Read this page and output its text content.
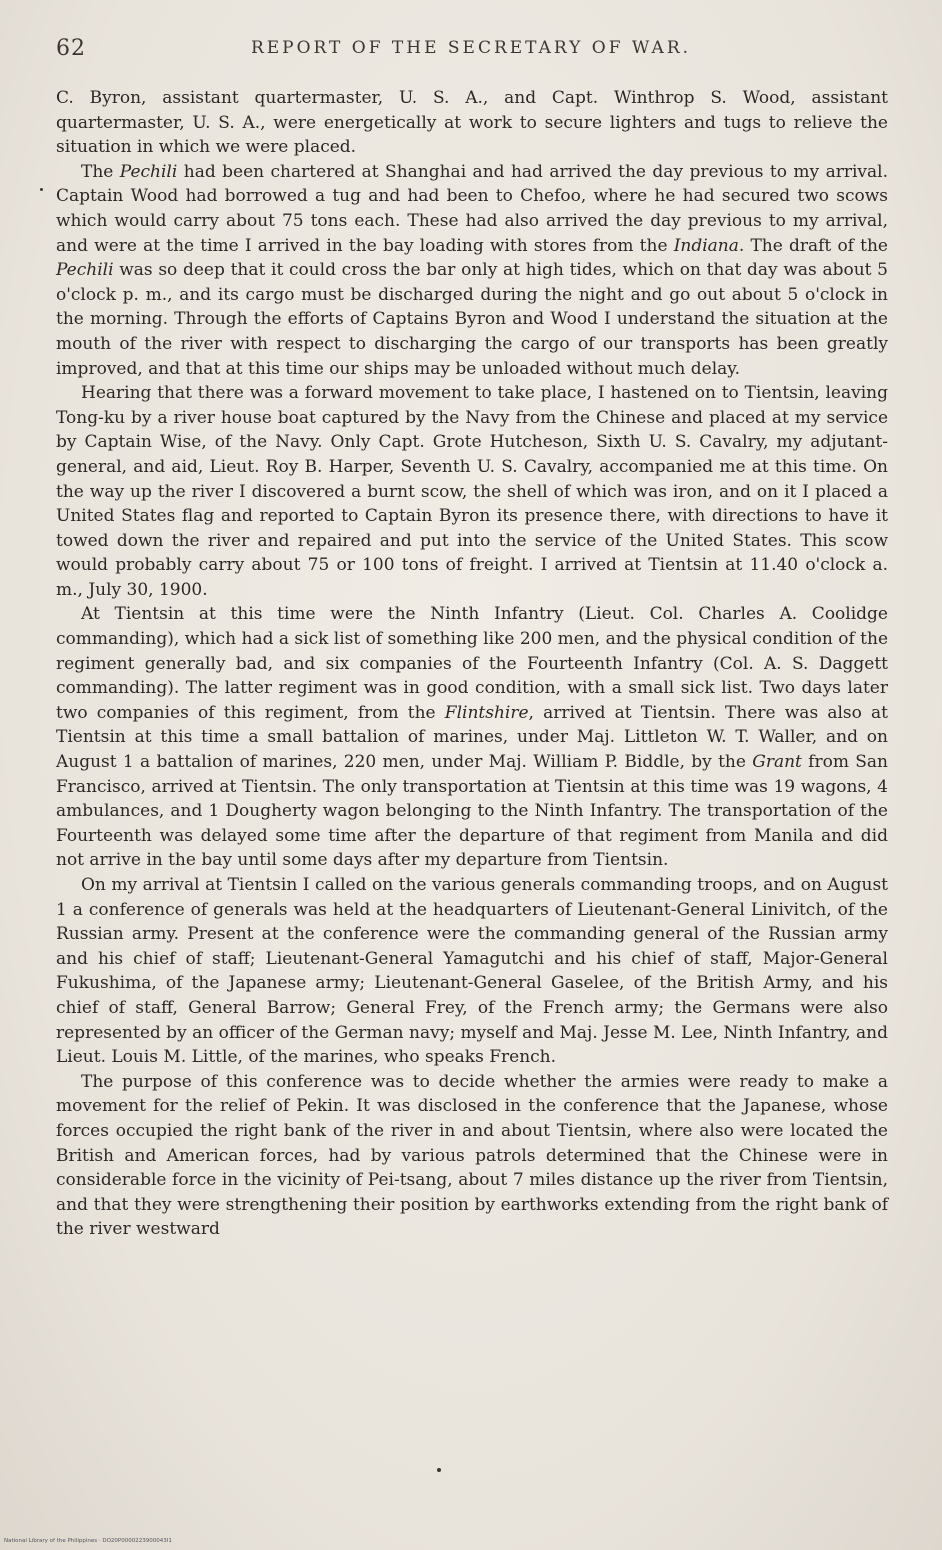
62	REPORT OF THE SECRETARY OF WAR.

C. Byron, assistant quartermaster, U. S. A., and Capt. Winthrop S. Wood, assistant quartermaster, U. S. A., were energetically at work to secure lighters and tugs to relieve the situation in which we were placed.

The Pechili had been chartered at Shanghai and had arrived the day previous to my arrival. Captain Wood had borrowed a tug and had been to Chefoo, where he had secured two scows which would carry about 75 tons each. These had also arrived the day previous to my arrival, and were at the time I arrived in the bay loading with stores from the Indiana. The draft of the Pechili was so deep that it could cross the bar only at high tides, which on that day was about 5 o'clock p. m., and its cargo must be discharged during the night and go out about 5 o'clock in the morning. Through the efforts of Captains Byron and Wood I understand the situation at the mouth of the river with respect to discharging the cargo of our transports has been greatly improved, and that at this time our ships may be unloaded without much delay.

Hearing that there was a forward movement to take place, I hastened on to Tientsin, leaving Tong-ku by a river house boat captured by the Navy from the Chinese and placed at my service by Captain Wise, of the Navy. Only Capt. Grote Hutcheson, Sixth U. S. Cavalry, my adjutant-general, and aid, Lieut. Roy B. Harper, Seventh U. S. Cavalry, accompanied me at this time. On the way up the river I discovered a burnt scow, the shell of which was iron, and on it I placed a United States flag and reported to Captain Byron its presence there, with directions to have it towed down the river and repaired and put into the service of the United States. This scow would probably carry about 75 or 100 tons of freight. I arrived at Tientsin at 11.40 o'clock a. m., July 30, 1900.

At Tientsin at this time were the Ninth Infantry (Lieut. Col. Charles A. Coolidge commanding), which had a sick list of something like 200 men, and the physical condition of the regiment generally bad, and six companies of the Fourteenth Infantry (Col. A. S. Daggett commanding). The latter regiment was in good condition, with a small sick list. Two days later two companies of this regiment, from the Flintshire, arrived at Tientsin. There was also at Tientsin at this time a small battalion of marines, under Maj. Littleton W. T. Waller, and on August 1 a battalion of marines, 220 men, under Maj. William P. Biddle, by the Grant from San Francisco, arrived at Tientsin. The only transportation at Tientsin at this time was 19 wagons, 4 ambulances, and 1 Dougherty wagon belonging to the Ninth Infantry. The transportation of the Fourteenth was delayed some time after the departure of that regiment from Manila and did not arrive in the bay until some days after my departure from Tientsin.

On my arrival at Tientsin I called on the various generals commanding troops, and on August 1 a conference of generals was held at the headquarters of Lieutenant-General Linivitch, of the Russian army. Present at the conference were the commanding general of the Russian army and his chief of staff; Lieutenant-General Yamagutchi and his chief of staff, Major-General Fukushima, of the Japanese army; Lieutenant-General Gaselee, of the British Army, and his chief of staff, General Barrow; General Frey, of the French army; the Germans were also represented by an officer of the German navy; myself and Maj. Jesse M. Lee, Ninth Infantry, and Lieut. Louis M. Little, of the marines, who speaks French.

The purpose of this conference was to decide whether the armies were ready to make a movement for the relief of Pekin. It was disclosed in the conference that the Japanese, whose forces occupied the right bank of the river in and about Tientsin, where also were located the British and American forces, had by various patrols determined that the Chinese were in considerable force in the vicinity of Pei-tsang, about 7 miles distance up the river from Tientsin, and that they were strengthening their position by earthworks extending from the right bank of the river westward

National Library of the Philippines · DO20P0000223900043I1
